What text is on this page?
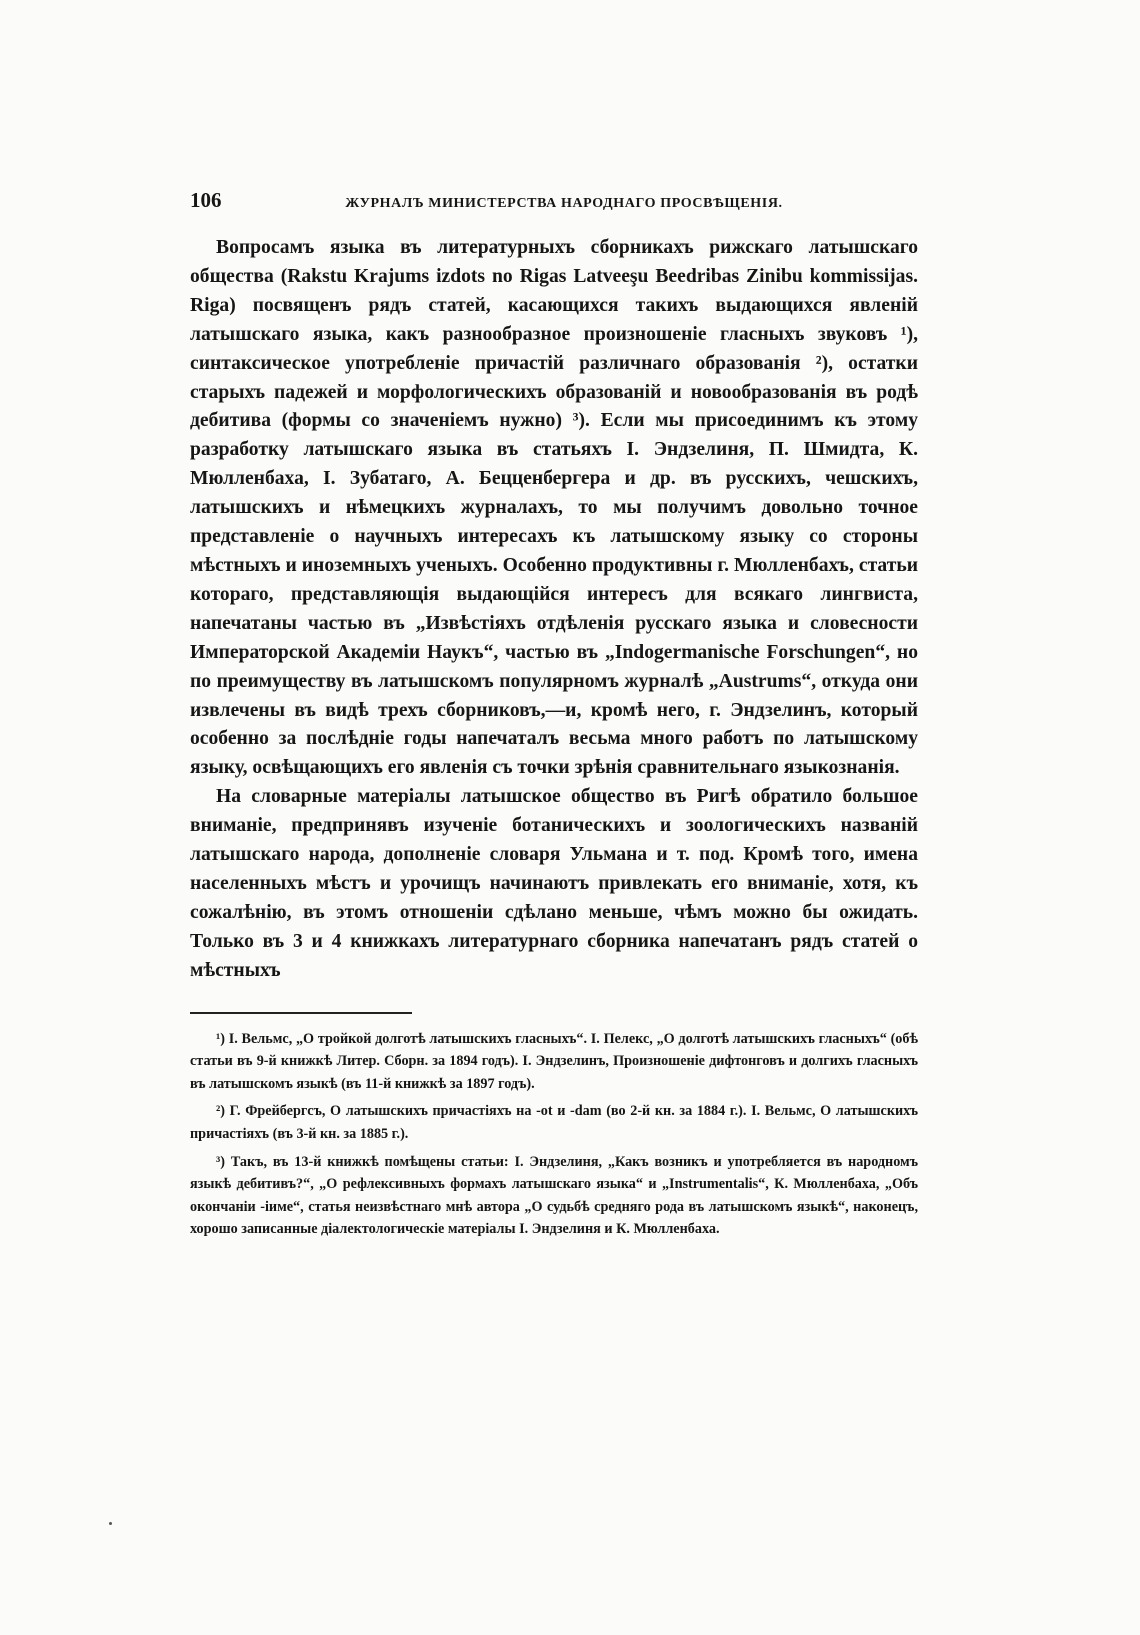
106	ЖУРНАЛЪ МИНИСТЕРСТВА НАРОДНАГО ПРОСВѢЩЕНІЯ.

Вопросамъ языка въ литературныхъ сборникахъ рижскаго латышскаго общества (Rakstu Krajums izdots no Rigas Latveeşu Beedribas Zinibu kommissijas. Riga) посвященъ рядъ статей, касающихся такихъ выдающихся явленій латышскаго языка, какъ разнообразное произношеніе гласныхъ звуковъ ¹), синтаксическое употребленіе причастій различнаго образованія ²), остатки старыхъ падежей и морфологическихъ образованій и новообразованія въ родѣ дебитива (формы со значеніемъ нужно) ³). Если мы присоединимъ къ этому разработку латышскаго языка въ статьяхъ І. Эндзелиня, П. Шмидта, К. Мюлленбаха, І. Зубатаго, А. Бецценбергера и др. въ русскихъ, чешскихъ, латышскихъ и нѣмецкихъ журналахъ, то мы получимъ довольно точное представленіе о научныхъ интересахъ къ латышскому языку со стороны мѣстныхъ и иноземныхъ ученыхъ. Особенно продуктивны г. Мюлленбахъ, статьи котораго, представляющія выдающійся интересъ для всякаго лингвиста, напечатаны частью въ „Извѣстіяхъ отдѣленія русскаго языка и словесности Императорской Академіи Наукъ“, частью въ „Indogermanische Forschungen“, но по преимуществу въ латышскомъ популярномъ журналѣ „Austrums“, откуда они извлечены въ видѣ трехъ сборниковъ,—и, кромѣ него, г. Эндзелинъ, который особенно за послѣдніе годы напечаталъ весьма много работъ по латышскому языку, освѣщающихъ его явленія съ точки зрѣнія сравнительнаго языкознанія.

На словарные матеріалы латышское общество въ Ригѣ обратило большое вниманіе, предпринявъ изученіе ботаническихъ и зоологическихъ названій латышскаго народа, дополненіе словаря Ульмана и т. под. Кромѣ того, имена населенныхъ мѣстъ и урочищъ начинаютъ привлекать его вниманіе, хотя, къ сожалѣнію, въ этомъ отношеніи сдѣлано меньше, чѣмъ можно бы ожидать. Только въ 3 и 4 книжкахъ литературнаго сборника напечатанъ рядъ статей о мѣстныхъ

¹) І. Вельмс, „О тройкой долготѣ латышскихъ гласныхъ“. І. Пелекс, „О долготѣ латышскихъ гласныхъ“ (обѣ статьи въ 9-й книжкѣ Литер. Сборн. за 1894 годъ). І. Эндзелинъ, Произношеніе дифтонговъ и долгихъ гласныхъ въ латышскомъ языкѣ (въ 11-й книжкѣ за 1897 годъ).

²) Г. Фрейбергсъ, О латышскихъ причастіяхъ на -ot и -dam (во 2-й кн. за 1884 г.). І. Вельмс, О латышскихъ причастіяхъ (въ 3-й кн. за 1885 г.).

³) Такъ, въ 13-й книжкѣ помѣщены статьи: І. Эндзелиня, „Какъ возникъ и употребляется въ народномъ языкѣ дебитивъ?“, „О рефлексивныхъ формахъ латышскаго языка“ и „Instrumentalis“, К. Мюлленбаха, „Объ окончаніи -іиме“, статья неизвѣстнаго мнѣ автора „О судьбѣ средняго рода въ латышскомъ языкѣ“, наконецъ, хорошо записанные діалектологическіе матеріалы І. Эндзелиня и К. Мюлленбаха.
